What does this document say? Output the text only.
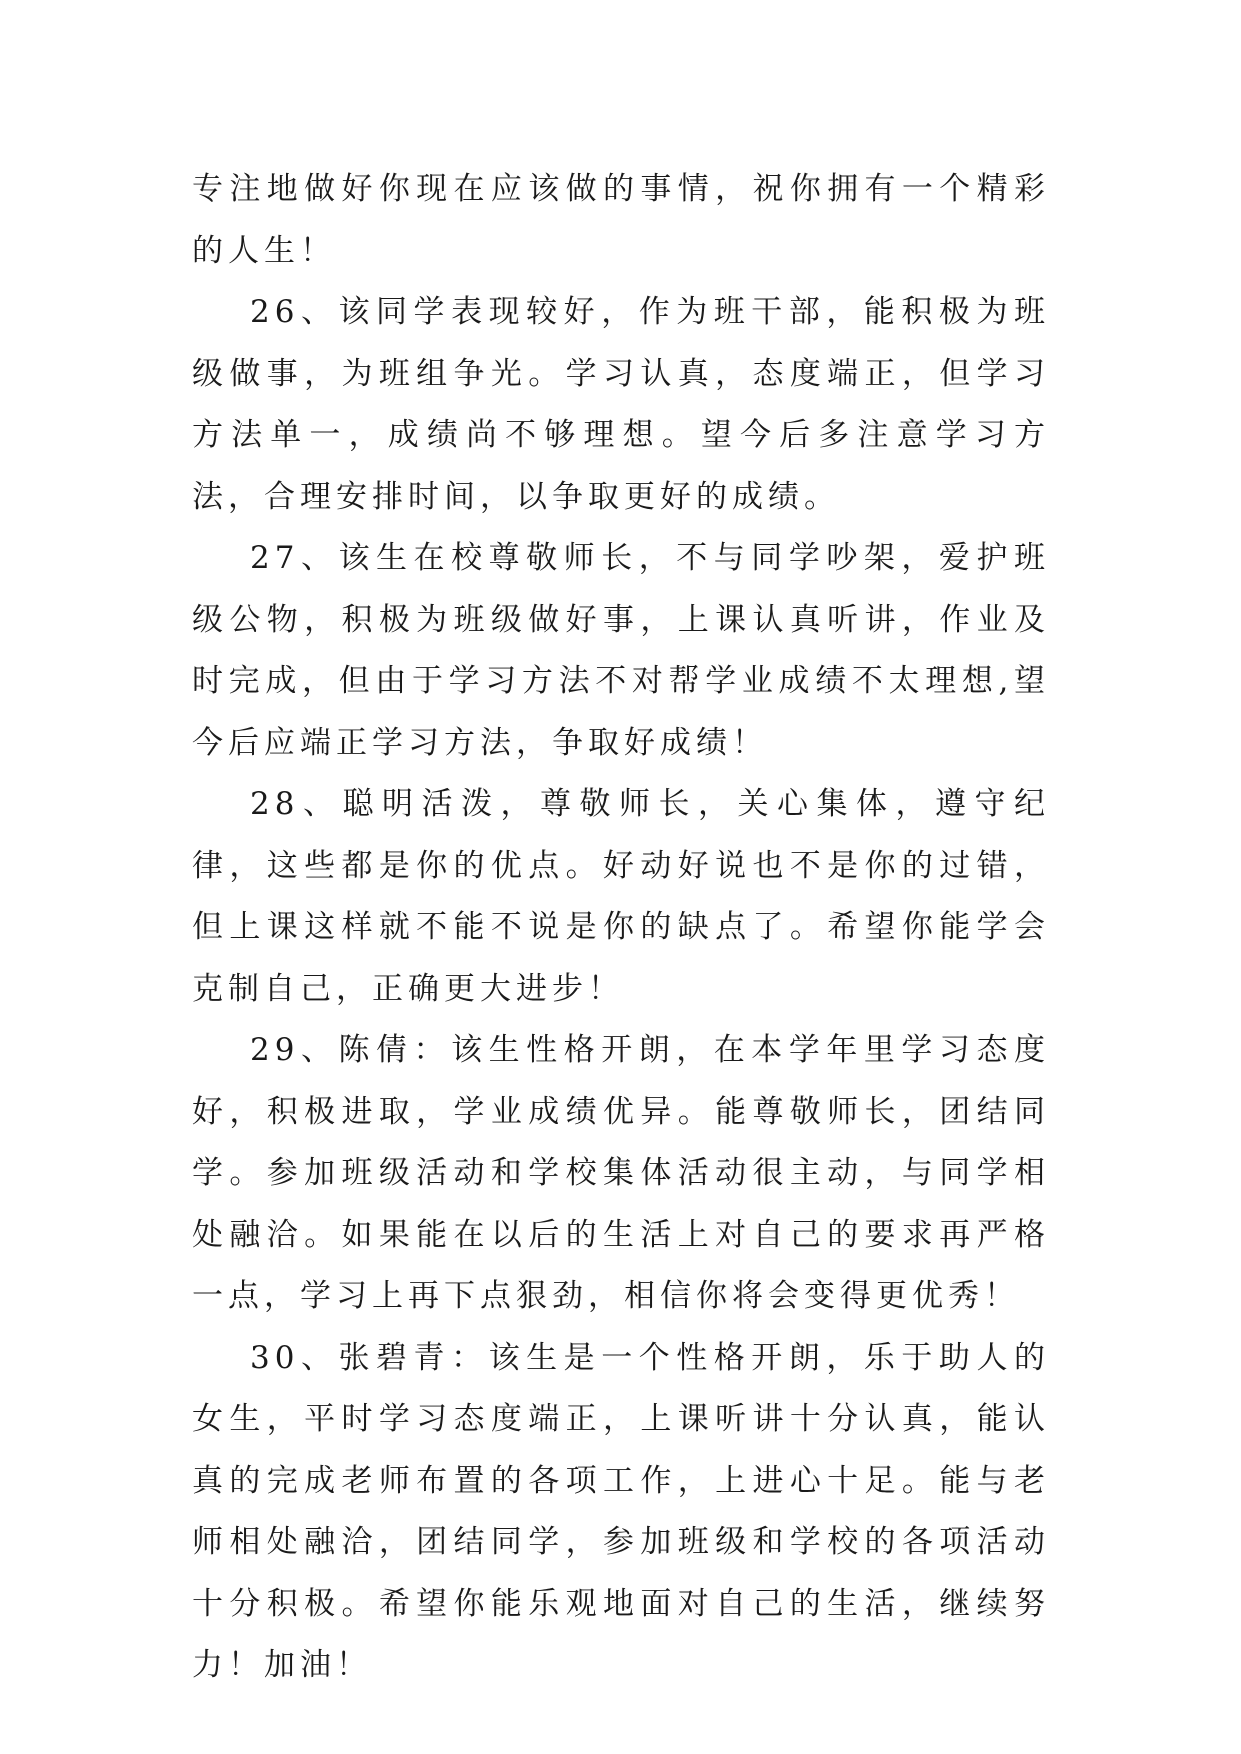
专注地做好你现在应该做的事情，祝你拥有一个精彩的人生！

26、该同学表现较好，作为班干部，能积极为班级做事，为班组争光。学习认真，态度端正，但学习方法单一，成绩尚不够理想。望今后多注意学习方法，合理安排时间，以争取更好的成绩。

27、该生在校尊敬师长，不与同学吵架，爱护班级公物，积极为班级做好事，上课认真听讲，作业及时完成，但由于学习方法不对帮学业成绩不太理想,望今后应端正学习方法，争取好成绩！

28、聪明活泼，尊敬师长，关心集体，遵守纪律，这些都是你的优点。好动好说也不是你的过错，但上课这样就不能不说是你的缺点了。希望你能学会克制自己，正确更大进步！

29、陈倩：该生性格开朗，在本学年里学习态度好，积极进取，学业成绩优异。能尊敬师长，团结同学。参加班级活动和学校集体活动很主动，与同学相处融洽。如果能在以后的生活上对自己的要求再严格一点，学习上再下点狠劲，相信你将会变得更优秀！

30、张碧青：该生是一个性格开朗，乐于助人的女生，平时学习态度端正，上课听讲十分认真，能认真的完成老师布置的各项工作，上进心十足。能与老师相处融洽，团结同学，参加班级和学校的各项活动十分积极。希望你能乐观地面对自己的生活，继续努力！加油！
